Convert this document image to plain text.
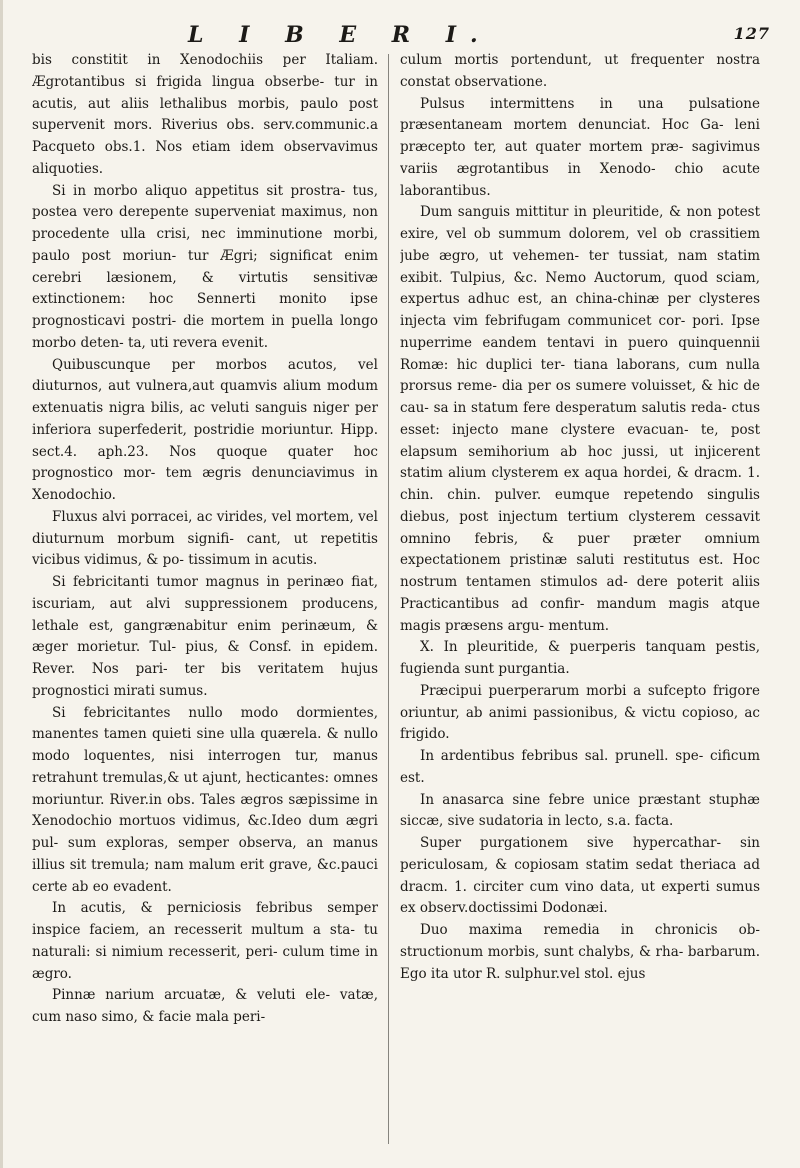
L I B E R I.	127

bis constitit in Xenodochiis per Italiam. Ægrotantibus si frigida lingua obserbe- tur in acutis, aut aliis lethalibus morbis, paulo post supervenit mors. Riverius obs. serv.communic.a Pacqueto obs.1. Nos etiam idem observavimus aliquoties.

Si in morbo aliquo appetitus sit prostra- tus, postea vero derepente superveniat maximus, non procedente ulla crisi, nec imminutione morbi, paulo post moriun- tur Ægri; significat enim cerebri læsionem, & virtutis sensitivæ extinctionem: hoc Sennerti monito ipse prognosticavi postri- die mortem in puella longo morbo deten- ta, uti revera evenit.

Quibuscunque per morbos acutos, vel diuturnos, aut vulnera,aut quamvis alium modum extenuatis nigra bilis, ac veluti sanguis niger per inferiora superfederit, postridie moriuntur. Hipp. sect.4. aph.23. Nos quoque quater hoc prognostico mor- tem ægris denunciavimus in Xenodochio.

Fluxus alvi porracei, ac virides, vel mortem, vel diuturnum morbum signifi- cant, ut repetitis vicibus vidimus, & po- tissimum in acutis.

Si febricitanti tumor magnus in perinæo fiat, iscuriam, aut alvi suppressionem producens, lethale est, gangrænabitur enim perinæum, & æger morietur. Tul- pius, & Consf. in epidem. Rever. Nos pari- ter bis veritatem hujus prognostici mirati sumus.

Si febricitantes nullo modo dormientes, manentes tamen quieti sine ulla quærela. & nullo modo loquentes, nisi interrogen tur, manus retrahunt tremulas,& ut ajunt, hecticantes: omnes moriuntur. River.in obs. Tales ægros sæpissime in Xenodochio mortuos vidimus, &c.Ideo dum ægri pul- sum exploras, semper observa, an manus illius sit tremula; nam malum erit grave, &c.pauci certe ab eo evadent.

In acutis, & perniciosis febribus semper inspice faciem, an recesserit multum a sta- tu naturali: si nimium recesserit, peri- culum time in ægro.

Pinnæ narium arcuatæ, & veluti ele- vatæ, cum naso simo, & facie mala peri-

culum mortis portendunt, ut frequenter nostra constat observatione.

Pulsus intermittens in una pulsatione præsentaneam mortem denunciat. Hoc Ga- leni præcepto ter, aut quater mortem præ- sagivimus variis ægrotantibus in Xenodo- chio acute laborantibus.

Dum sanguis mittitur in pleuritide, & non potest exire, vel ob summum dolorem, vel ob crassitiem jube ægro, ut vehemen- ter tussiat, nam statim exibit. Tulpius, &c. Nemo Auctorum, quod sciam, expertus adhuc est, an china-chinæ per clysteres injecta vim febrifugam communicet cor- pori. Ipse nuperrime eandem tentavi in puero quinquennii Romæ: hic duplici ter- tiana laborans, cum nulla prorsus reme- dia per os sumere voluisset, & hic de cau- sa in statum fere desperatum salutis reda- ctus esset: injecto mane clystere evacuan- te, post elapsum semihorium ab hoc jussi, ut injicerent statim alium clysterem ex aqua hordei, & dracm. 1. chin. chin. pulver. eumque repetendo singulis diebus, post injectum tertium clysterem cessavit omnino febris, & puer præter omnium expectationem pristinæ saluti restitutus est. Hoc nostrum tentamen stimulos ad- dere poterit aliis Practicantibus ad confir- mandum magis atque magis præsens argu- mentum.

X. In pleuritide, & puerperis tanquam pestis, fugienda sunt purgantia.

Præcipui puerperarum morbi a sufcepto frigore oriuntur, ab animi passionibus, & victu copioso, ac frigido.

In ardentibus febribus sal. prunell. spe- cificum est.

In anasarca sine febre unice præstant stuphæ siccæ, sive sudatoria in lecto, s.a. facta.

Super purgationem sive hypercathar- sin periculosam, & copiosam statim sedat theriaca ad dracm. 1. circiter cum vino data, ut experti sumus ex observ.doctissimi Dodonæi.

Duo maxima remedia in chronicis ob- structionum morbis, sunt chalybs, & rha- barbarum. Ego ita utor R. sulphur.vel stol. ejus
